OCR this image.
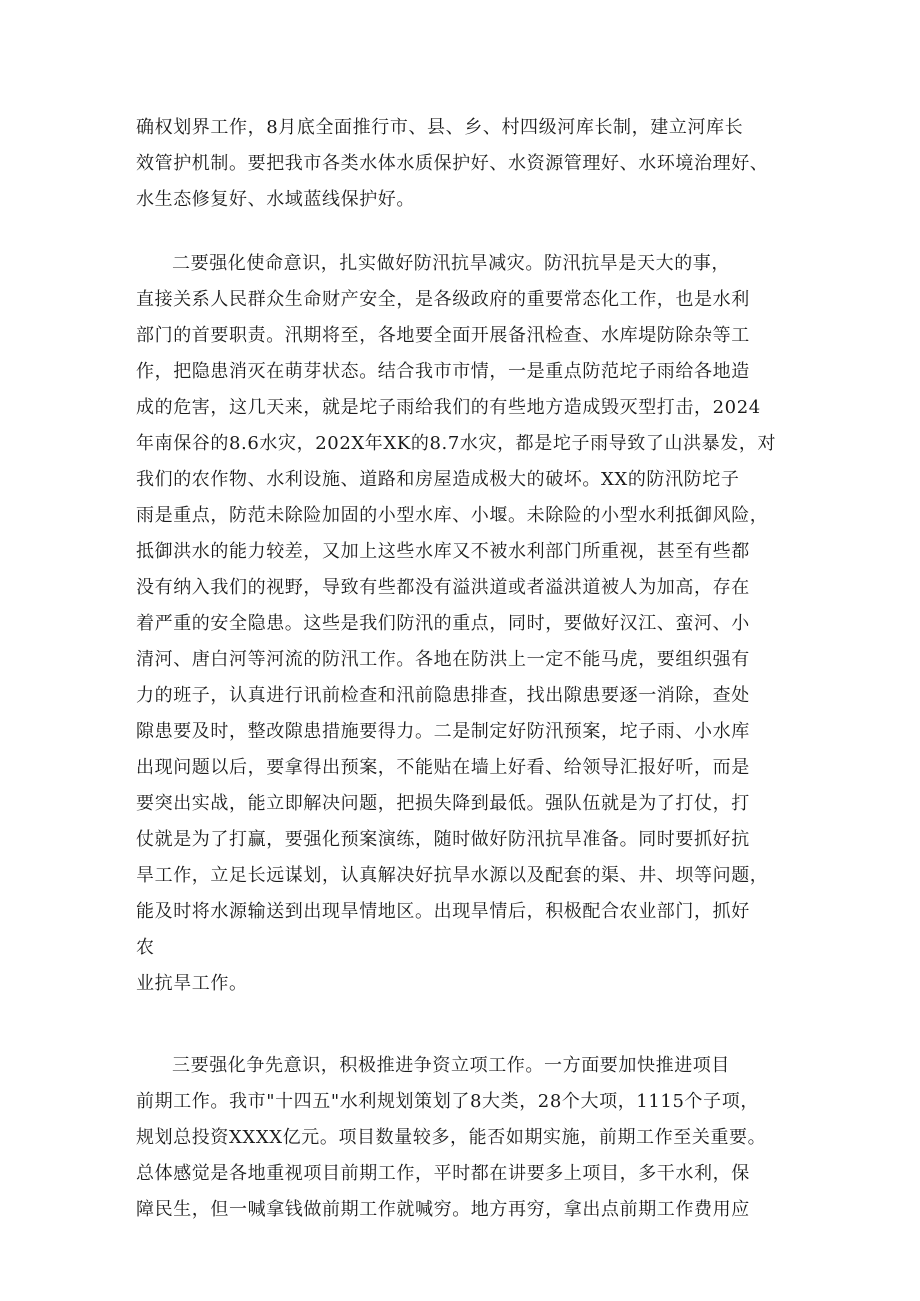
确权划界工作，8月底全面推行市、县、乡、村四级河库长制，建立河库长
效管护机制。要把我市各类水体水质保护好、水资源管理好、水环境治理好、
水生态修复好、水域蓝线保护好。
二要强化使命意识，扎实做好防汛抗旱减灾。防汛抗旱是天大的事，
直接关系人民群众生命财产安全，是各级政府的重要常态化工作，也是水利
部门的首要职责。汛期将至，各地要全面开展备汛检查、水库堤防除杂等工
作，把隐患消灭在萌芽状态。结合我市市情，一是重点防范坨子雨给各地造
成的危害，这几天来，就是坨子雨给我们的有些地方造成毁灭型打击，2024
年南保谷的8.6水灾，202X年XK的8.7水灾，都是坨子雨导致了山洪暴发，对
我们的农作物、水利设施、道路和房屋造成极大的破坏。XX的防汛防坨子
雨是重点，防范未除险加固的小型水库、小堰。未除险的小型水利抵御风险，
抵御洪水的能力较差，又加上这些水库又不被水利部门所重视，甚至有些都
没有纳入我们的视野，导致有些都没有溢洪道或者溢洪道被人为加高，存在
着严重的安全隐患。这些是我们防汛的重点，同时，要做好汉江、蛮河、小
清河、唐白河等河流的防汛工作。各地在防洪上一定不能马虎，要组织强有
力的班子，认真进行讯前检查和汛前隐患排查，找出隙患要逐一消除，查处
隙患要及时，整改隙患措施要得力。二是制定好防汛预案，坨子雨、小水库
出现问题以后，要拿得出预案，不能贴在墙上好看、给领导汇报好听，而是
要突出实战，能立即解决问题，把损失降到最低。强队伍就是为了打仗，打
仗就是为了打赢，要强化预案演练，随时做好防汛抗旱准备。同时要抓好抗
旱工作，立足长远谋划，认真解决好抗旱水源以及配套的渠、井、坝等问题，
能及时将水源输送到出现旱情地区。出现旱情后，积极配合农业部门，抓好
农
业抗旱工作。
三要强化争先意识，积极推进争资立项工作。一方面要加快推进项目
前期工作。我市"十四五"水利规划策划了8大类，28个大项，1115个子项，
规划总投资XXXX亿元。项目数量较多，能否如期实施，前期工作至关重要。
总体感觉是各地重视项目前期工作，平时都在讲要多上项目，多干水利，保
障民生，但一喊拿钱做前期工作就喊穷。地方再穷，拿出点前期工作费用应
